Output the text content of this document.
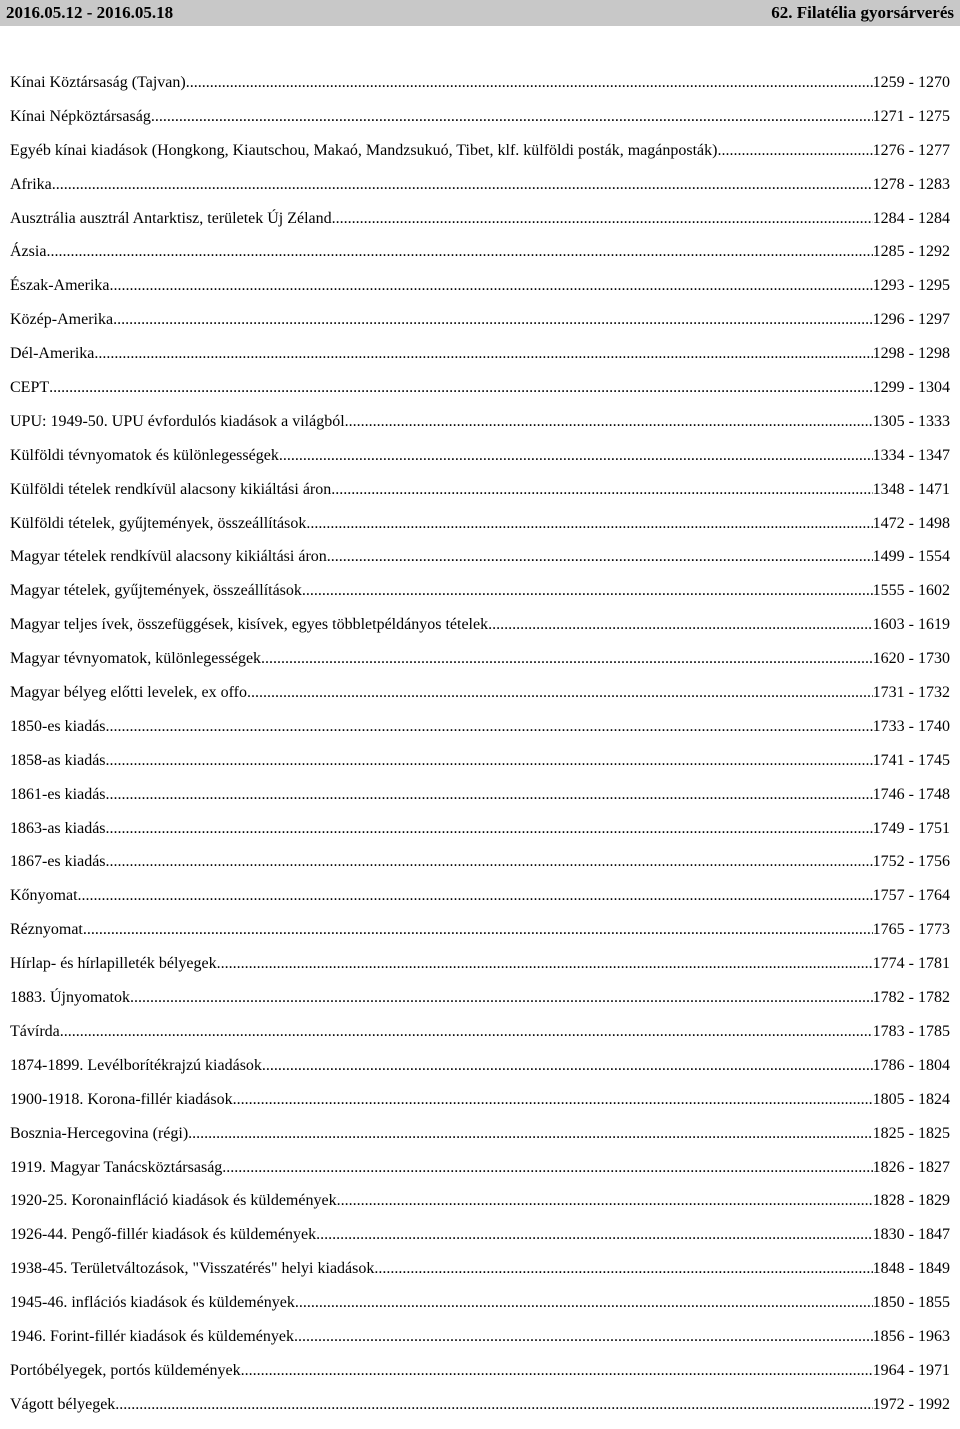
2016.05.12 - 2016.05.18	62. Filatélia gyorsárverés
Kínai Köztársaság (Tajvan) .....	1259 - 1270
Kínai Népköztársaság .....	1271 - 1275
Egyéb kínai kiadások (Hongkong, Kiautschou, Makaó, Mandzsukuó, Tibet, klf. külföldi posták, magánposták) .....	1276 - 1277
Afrika .....	1278 - 1283
Ausztrália ausztrál Antarktisz, területek Új Zéland .....	1284 - 1284
Ázsia .....	1285 - 1292
Észak-Amerika .....	1293 - 1295
Közép-Amerika .....	1296 - 1297
Dél-Amerika .....	1298 - 1298
CEPT .....	1299 - 1304
UPU: 1949-50. UPU évfordulós kiadások a világból .....	1305 - 1333
Külföldi tévnyomatok és különlegességek .....	1334 - 1347
Külföldi tételek rendkívül alacsony kikiáltási áron .....	1348 - 1471
Külföldi tételek, gyűjtemények, összeállítások .....	1472 - 1498
Magyar tételek rendkívül alacsony kikiáltási áron .....	1499 - 1554
Magyar tételek, gyűjtemények, összeállítások .....	1555 - 1602
Magyar teljes ívek, összefüggések, kisívek, egyes többletpéldányos tételek .....	1603 - 1619
Magyar tévnyomatok, különlegességek .....	1620 - 1730
Magyar bélyeg előtti levelek, ex offo .....	1731 - 1732
1850-es kiadás .....	1733 - 1740
1858-as kiadás .....	1741 - 1745
1861-es kiadás .....	1746 - 1748
1863-as kiadás .....	1749 - 1751
1867-es kiadás .....	1752 - 1756
Kőnyomat .....	1757 - 1764
Réznyomat .....	1765 - 1773
Hírlap- és hírlapilleték bélyegek .....	1774 - 1781
1883. Újnyomatok .....	1782 - 1782
Távírda .....	1783 - 1785
1874-1899. Levélborítékrajzú kiadások .....	1786 - 1804
1900-1918. Korona-fillér kiadások .....	1805 - 1824
Bosznia-Hercegovina (régi) .....	1825 - 1825
1919. Magyar Tanácsköztársaság .....	1826 - 1827
1920-25. Koronainfláció kiadások és küldemények .....	1828 - 1829
1926-44. Pengő-fillér kiadások és küldemények .....	1830 - 1847
1938-45. Területváltozások, "Visszatérés" helyi kiadások .....	1848 - 1849
1945-46. inflációs kiadások és küldemények .....	1850 - 1855
1946. Forint-fillér kiadások és küldemények .....	1856 - 1963
Portóbélyegek, portós küldemények .....	1964 - 1971
Vágott bélyegek .....	1972 - 1992
